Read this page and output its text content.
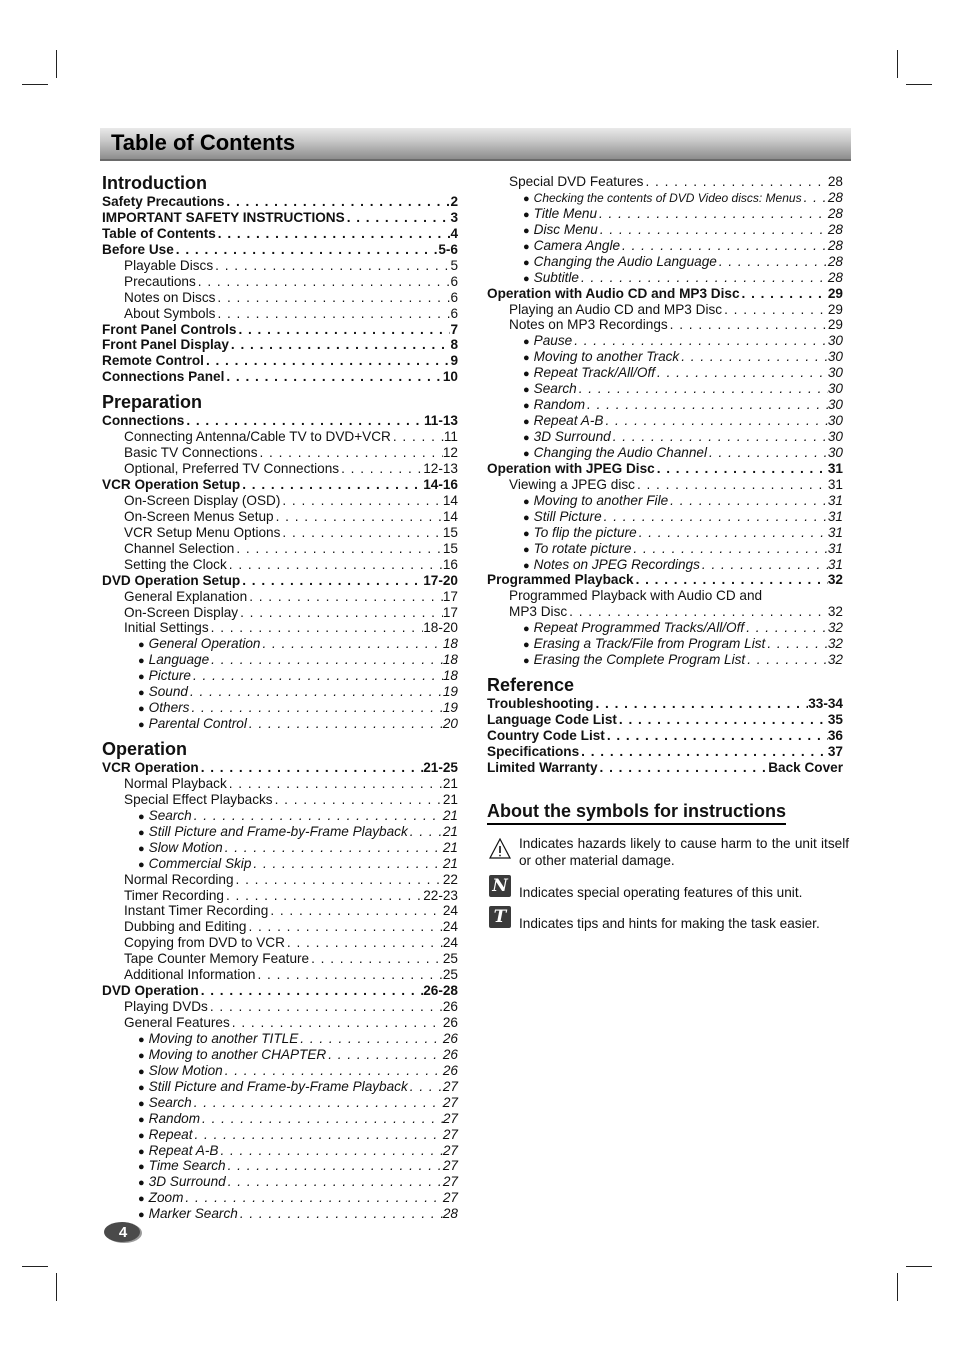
Table of Contents
Introduction
Safety Precautions . . .	2
IMPORTANT SAFETY INSTRUCTIONS . . .	3
Table of Contents . . .	4
Before Use . . .	5-6
Playable Discs . . .	5
Precautions . . .	6
Notes on Discs . . .	6
About Symbols . . .	6
Front Panel Controls . . .	7
Front Panel Display . . .	8
Remote Control . . .	9
Connections Panel . . .	10
Preparation
Connections . . .	11-13
Connecting Antenna/Cable TV to DVD+VCR . . .	11
Basic TV Connections . . .	12
Optional, Preferred TV Connections . . .	12-13
VCR Operation Setup . . .	14-16
On-Screen Display (OSD) . . .	14
On-Screen Menus Setup . . .	14
VCR Setup Menu Options . . .	15
Channel Selection . . .	15
Setting the Clock . . .	16
DVD Operation Setup . . .	17-20
General Explanation . . .	17
On-Screen Display . . .	17
Initial Settings . . .	18-20
● General Operation . . .	18
● Language . . .	18
● Picture . . .	18
● Sound . . .	19
● Others . . .	19
● Parental Control . . .	20
Operation
VCR Operation . . .	21-25
Normal Playback . . .	21
Special Effect Playbacks . . .	21
● Search . . .	21
● Still Picture and Frame-by-Frame Playback . . .	21
● Slow Motion . . .	21
● Commercial Skip . . .	21
Normal Recording . . .	22
Timer Recording . . .	22-23
Instant Timer Recording . . .	24
Dubbing and Editing . . .	24
Copying from DVD to VCR . . .	24
Tape Counter Memory Feature . . .	25
Additional Information . . .	25
DVD Operation . . .	26-28
Playing DVDs . . .	26
General Features . . .	26
● Moving to another TITLE . . .	26
● Moving to another CHAPTER . . .	26
● Slow Motion . . .	26
● Still Picture and Frame-by-Frame Playback . . .	27
● Search . . .	27
● Random . . .	27
● Repeat . . .	27
● Repeat A-B . . .	27
● Time Search . . .	27
● 3D Surround . . .	27
● Zoom . . .	27
● Marker Search . . .	28
Special DVD Features . . .	28
● Checking the contents of DVD Video discs: Menus . . . 28
● Title Menu . . .	28
● Disc Menu . . .	28
● Camera Angle . . .	28
● Changing the Audio Language . . .	28
● Subtitle . . .	28
Operation with Audio CD and MP3 Disc . . .	29
Playing an Audio CD and MP3 Disc . . .	29
Notes on MP3 Recordings . . .	29
● Pause . . .	30
● Moving to another Track . . .	30
● Repeat Track/All/Off . . .	30
● Search . . .	30
● Random . . .	30
● Repeat A-B . . .	30
● 3D Surround . . .	30
● Changing the Audio Channel . . .	30
Operation with JPEG Disc . . .	31
Viewing a JPEG disc . . .	31
● Moving to another File . . .	31
● Still Picture . . .	31
● To flip the picture . . .	31
● To rotate picture . . .	31
● Notes on JPEG Recordings . . .	31
Programmed Playback . . .	32
Programmed Playback with Audio CD and
MP3 Disc . . .	32
● Repeat Programmed Tracks/All/Off . . .	32
● Erasing a Track/File from Program List . . .	32
● Erasing the Complete Program List . . .	32
Reference
Troubleshooting . . .	33-34
Language Code List . . .	35
Country Code List . . .	36
Specifications . . .	37
Limited Warranty . . .	Back Cover
About the symbols for instructions
Indicates hazards likely to cause harm to the unit itself or other material damage.
N Indicates special operating features of this unit.
T Indicates tips and hints for making the task easier.
4
